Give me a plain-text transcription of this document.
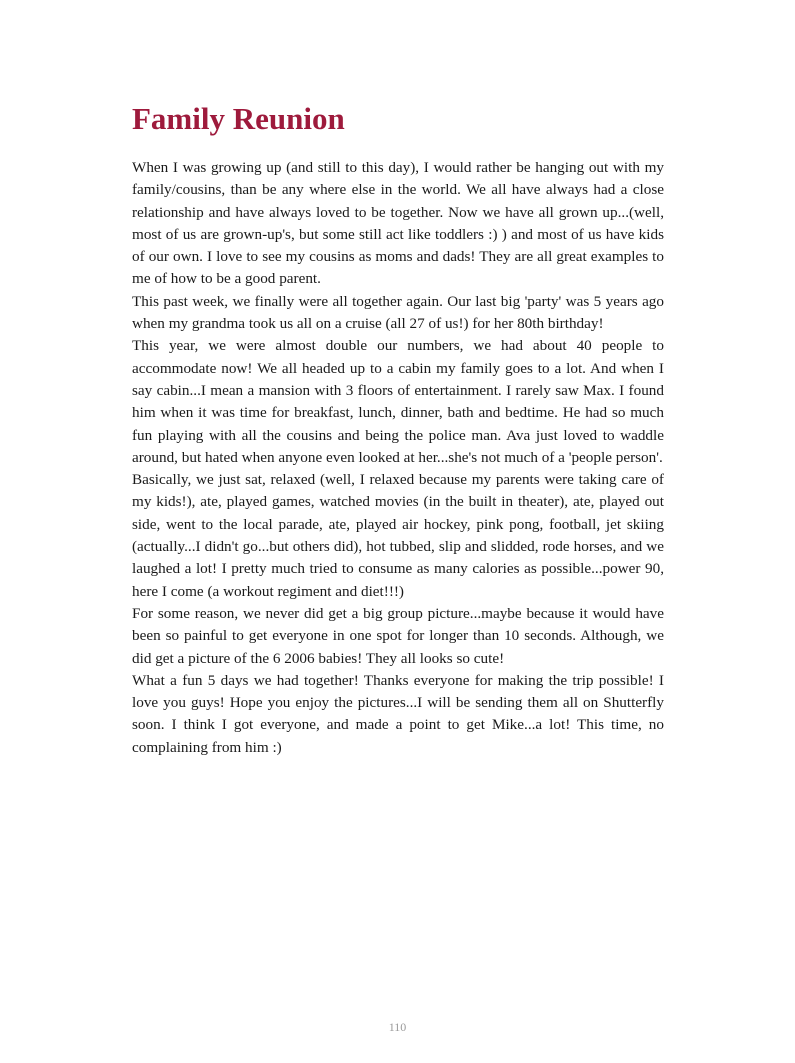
Family Reunion

When I was growing up (and still to this day), I would rather be hanging out with my family/cousins, than be any where else in the world. We all have always had a close relationship and have always loved to be together. Now we have all grown up...(well, most of us are grown-up's, but some still act like toddlers :) ) and most of us have kids of our own. I love to see my cousins as moms and dads! They are all great examples to me of how to be a good parent.

This past week, we finally were all together again. Our last big 'party' was 5 years ago when my grandma took us all on a cruise (all 27 of us!) for her 80th birthday!

This year, we were almost double our numbers, we had about 40 people to accommodate now! We all headed up to a cabin my family goes to a lot. And when I say cabin...I mean a mansion with 3 floors of entertainment. I rarely saw Max. I found him when it was time for breakfast, lunch, dinner, bath and bedtime. He had so much fun playing with all the cousins and being the police man. Ava just loved to waddle around, but hated when anyone even looked at her...she's not much of a 'people person'.

Basically, we just sat, relaxed (well, I relaxed because my parents were taking care of my kids!), ate, played games, watched movies (in the built in theater), ate, played out side, went to the local parade, ate, played air hockey, pink pong, football, jet skiing (actually...I didn't go...but others did), hot tubbed, slip and slidded, rode horses, and we laughed a lot! I pretty much tried to consume as many calories as possible...power 90, here I come (a workout regiment and diet!!!)

For some reason, we never did get a big group picture...maybe because it would have been so painful to get everyone in one spot for longer than 10 seconds. Although, we did get a picture of the 6 2006 babies! They all looks so cute!

What a fun 5 days we had together! Thanks everyone for making the trip possible! I love you guys! Hope you enjoy the pictures...I will be sending them all on Shutterfly soon. I think I got everyone, and made a point to get Mike...a lot! This time, no complaining from him :)

110
